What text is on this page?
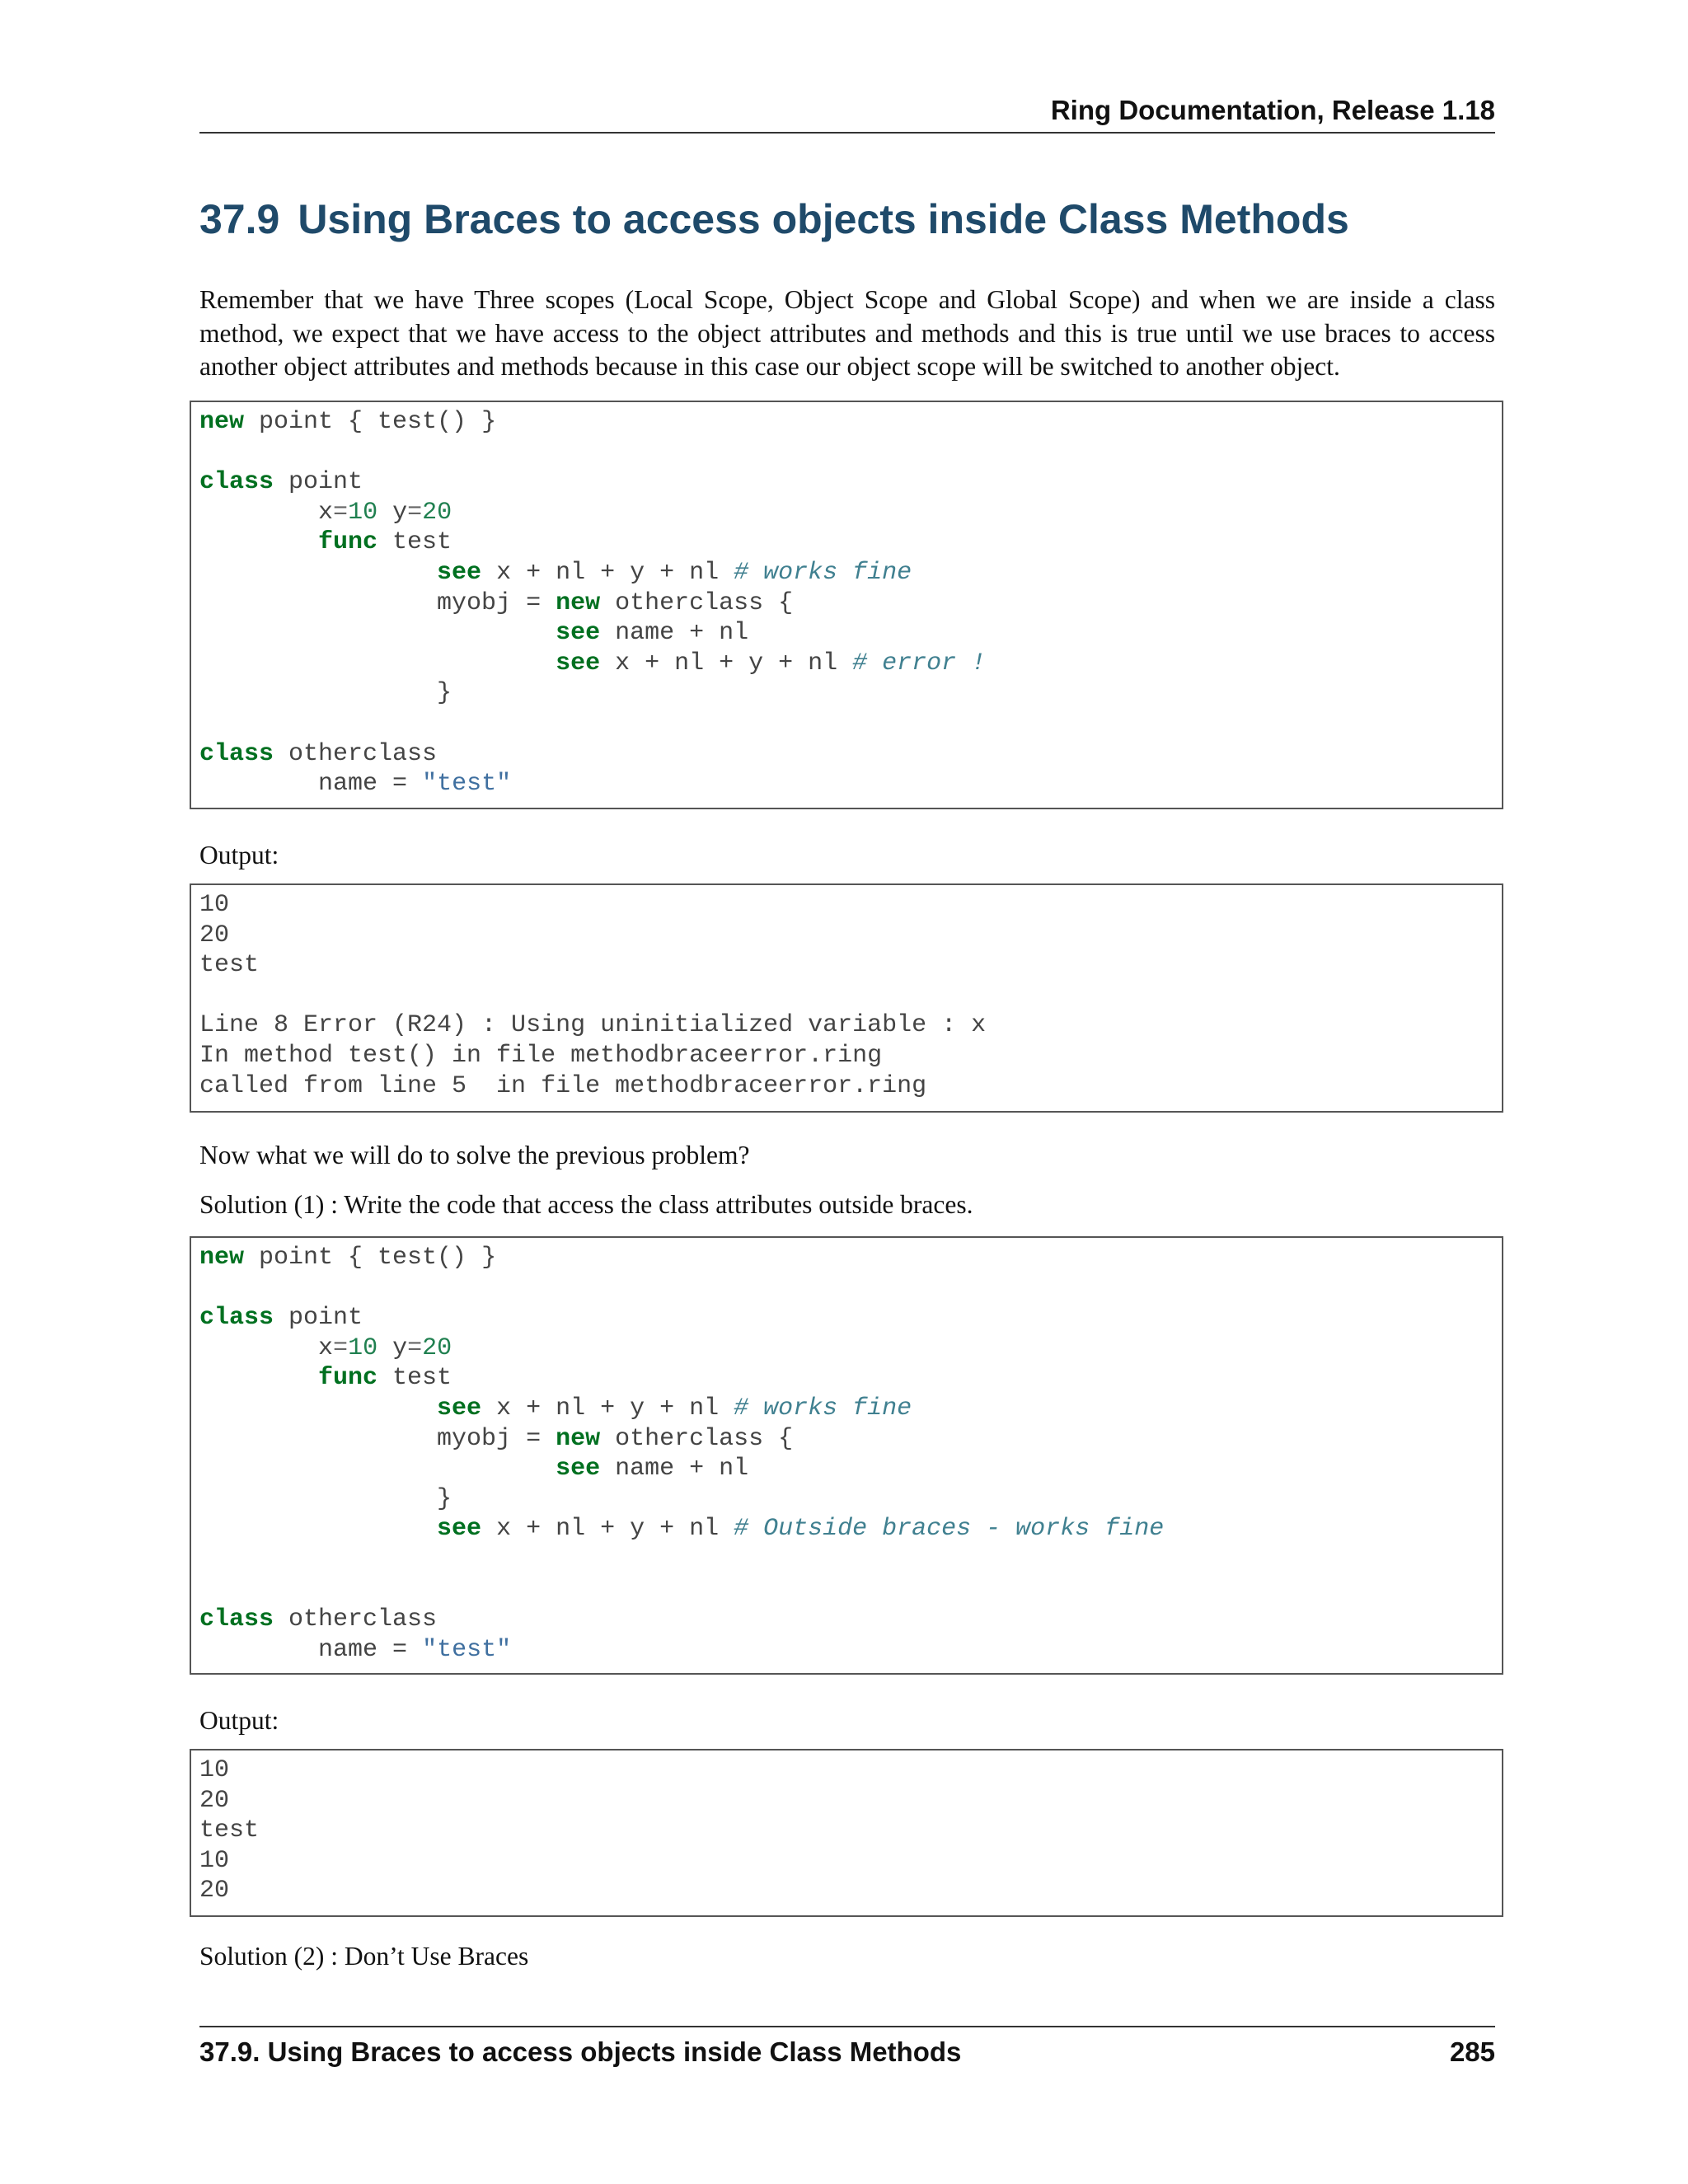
Ring Documentation, Release 1.18
37.9 Using Braces to access objects inside Class Methods

Remember that we have Three scopes (Local Scope, Object Scope and Global Scope) and when we are inside a class method, we expect that we have access to the object attributes and methods and this is true until we use braces to access another object attributes and methods because in this case our object scope will be switched to another object.

new point { test() }
class point
x=10 y=20
func test
see x + nl + y + nl # works fine
myobj = new otherclass {
see name + nl
see x + nl + y + nl # error !
}
class otherclass
name = "test"

Output:

10
20
test
Line 8 Error (R24) : Using uninitialized variable : x
In method test() in file methodbraceerror.ring
called from line 5  in file methodbraceerror.ring

Now what we will do to solve the previous problem?

Solution (1) : Write the code that access the class attributes outside braces.

new point { test() }
class point
x=10 y=20
func test
see x + nl + y + nl # works fine
myobj = new otherclass {
see name + nl
}
see x + nl + y + nl # Outside braces - works fine
class otherclass
name = "test"

Output:

10
20
test
10
20

Solution (2) : Don’t Use Braces

37.9. Using Braces to access objects inside Class Methods	285
